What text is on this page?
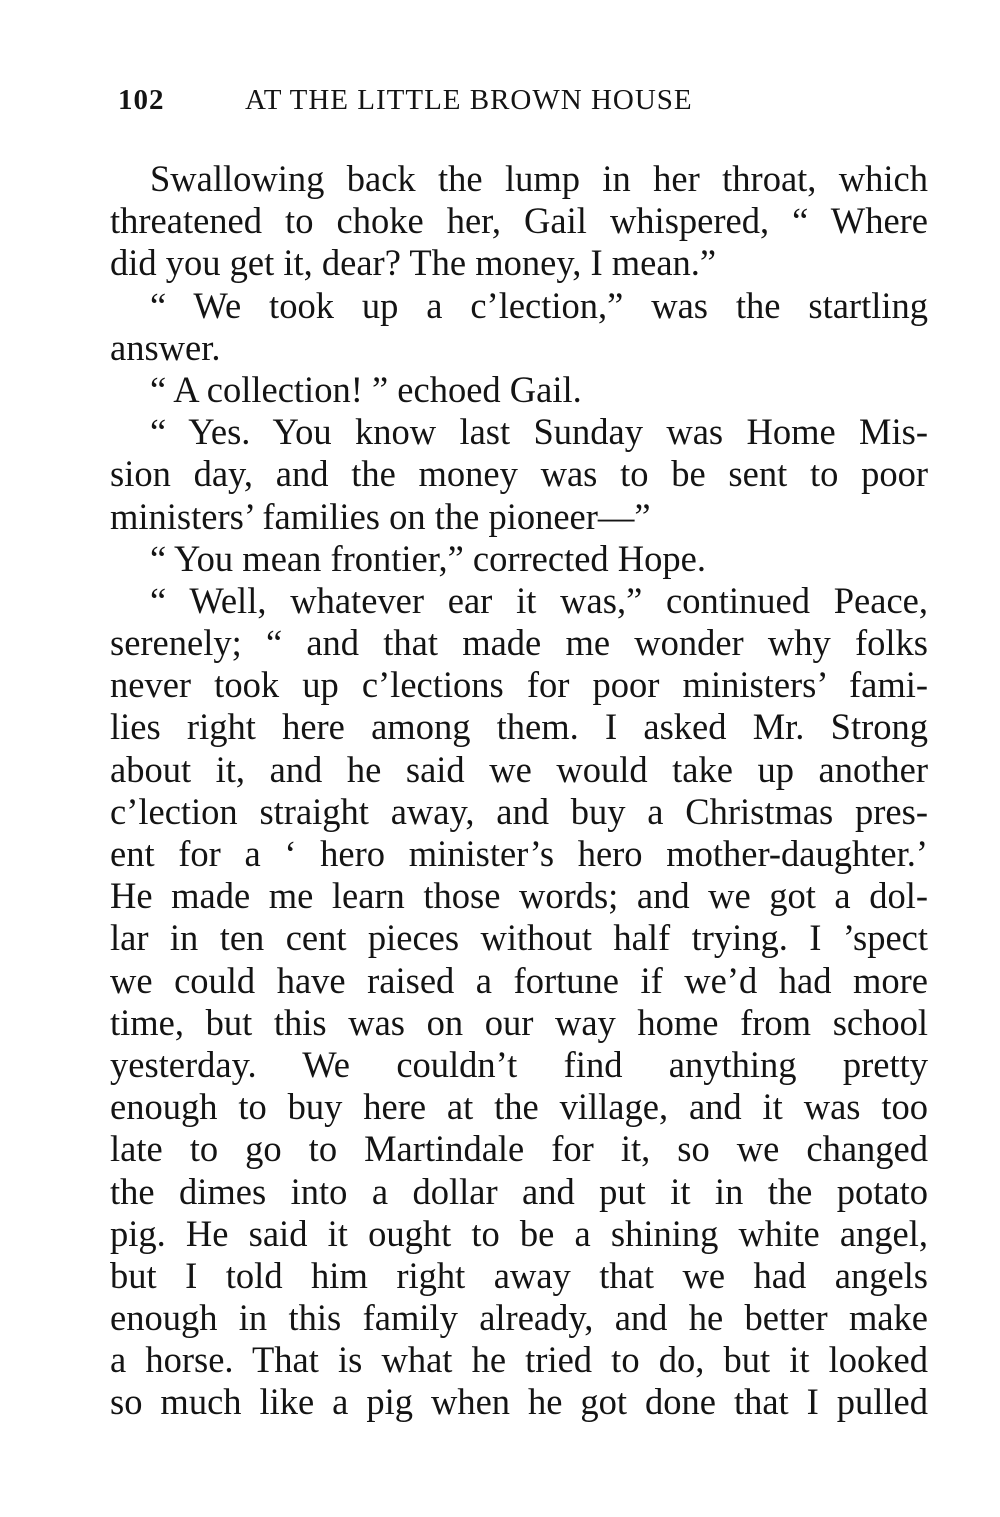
102	AT THE LITTLE BROWN HOUSE
Swallowing back the lump in her throat, which
threatened to choke her, Gail whispered, “ Where
did you get it, dear? The money, I mean.”
“ We took up a c’lection,” was the startling
answer.
“ A collection! ” echoed Gail.
“ Yes. You know last Sunday was Home Mis-
sion day, and the money was to be sent to poor
ministers’ families on the pioneer—”
“ You mean frontier,” corrected Hope.
“ Well, whatever ear it was,” continued Peace,
serenely; “ and that made me wonder why folks
never took up c’lections for poor ministers’ fami-
lies right here among them. I asked Mr. Strong
about it, and he said we would take up another
c’lection straight away, and buy a Christmas pres-
ent for a ‘ hero minister’s hero mother-daughter.’
He made me learn those words; and we got a dol-
lar in ten cent pieces without half trying. I ’spect
we could have raised a fortune if we’d had more
time, but this was on our way home from school
yesterday. We couldn’t find anything pretty
enough to buy here at the village, and it was too
late to go to Martindale for it, so we changed
the dimes into a dollar and put it in the potato
pig. He said it ought to be a shining white angel,
but I told him right away that we had angels
enough in this family already, and he better make
a horse. That is what he tried to do, but it looked
so much like a pig when he got done that I pulled
